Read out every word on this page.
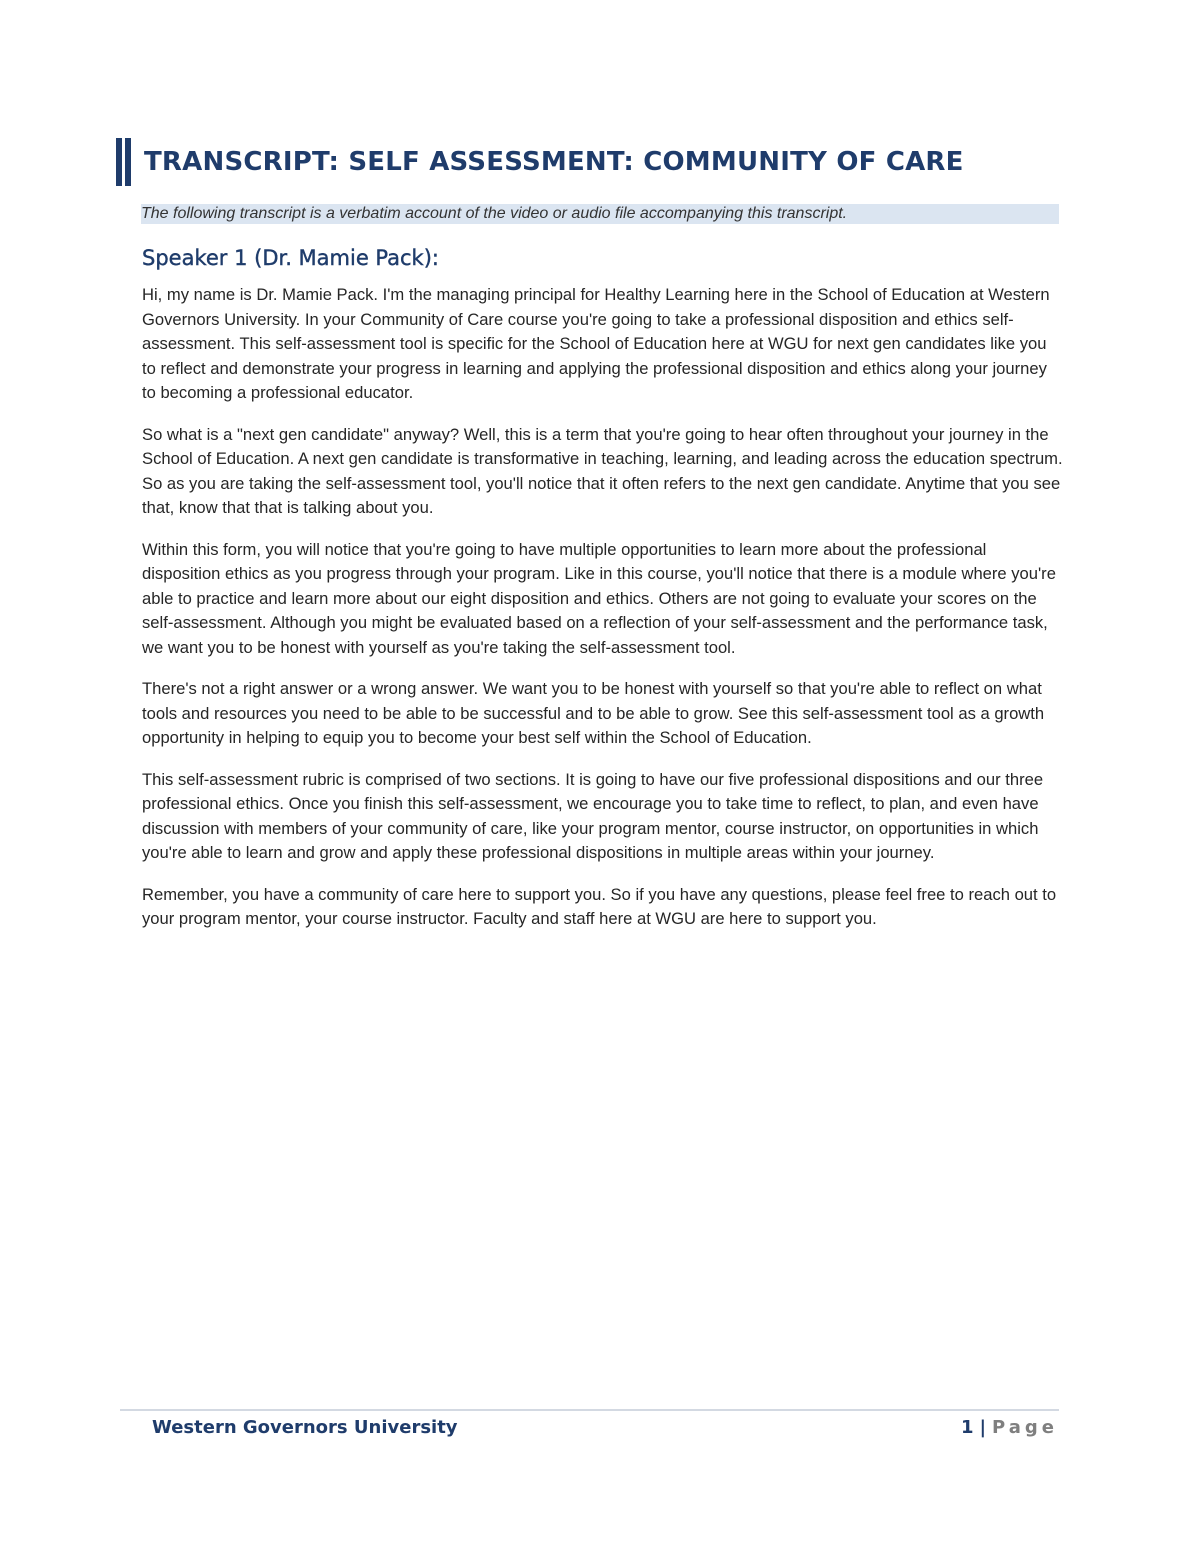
TRANSCRIPT: SELF ASSESSMENT: COMMUNITY OF CARE
The following transcript is a verbatim account of the video or audio file accompanying this transcript.
Speaker 1 (Dr. Mamie Pack):

Hi, my name is Dr. Mamie Pack. I'm the managing principal for Healthy Learning here in the School of Education at Western Governors University. In your Community of Care course you're going to take a professional disposition and ethics self-assessment. This self-assessment tool is specific for the School of Education here at WGU for next gen candidates like you to reflect and demonstrate your progress in learning and applying the professional disposition and ethics along your journey to becoming a professional educator.

So what is a "next gen candidate" anyway? Well, this is a term that you're going to hear often throughout your journey in the School of Education. A next gen candidate is transformative in teaching, learning, and leading across the education spectrum. So as you are taking the self-assessment tool, you'll notice that it often refers to the next gen candidate. Anytime that you see that, know that that is talking about you.

Within this form, you will notice that you're going to have multiple opportunities to learn more about the professional disposition ethics as you progress through your program. Like in this course, you'll notice that there is a module where you're able to practice and learn more about our eight disposition and ethics. Others are not going to evaluate your scores on the self-assessment. Although you might be evaluated based on a reflection of your self-assessment and the performance task, we want you to be honest with yourself as you're taking the self-assessment tool.

There's not a right answer or a wrong answer. We want you to be honest with yourself so that you're able to reflect on what tools and resources you need to be able to be successful and to be able to grow. See this self-assessment tool as a growth opportunity in helping to equip you to become your best self within the School of Education.

This self-assessment rubric is comprised of two sections. It is going to have our five professional dispositions and our three professional ethics. Once you finish this self-assessment, we encourage you to take time to reflect, to plan, and even have discussion with members of your community of care, like your program mentor, course instructor, on opportunities in which you're able to learn and grow and apply these professional dispositions in multiple areas within your journey.

Remember, you have a community of care here to support you. So if you have any questions, please feel free to reach out to your program mentor, your course instructor. Faculty and staff here at WGU are here to support you.

Western Governors University	1 | Page
